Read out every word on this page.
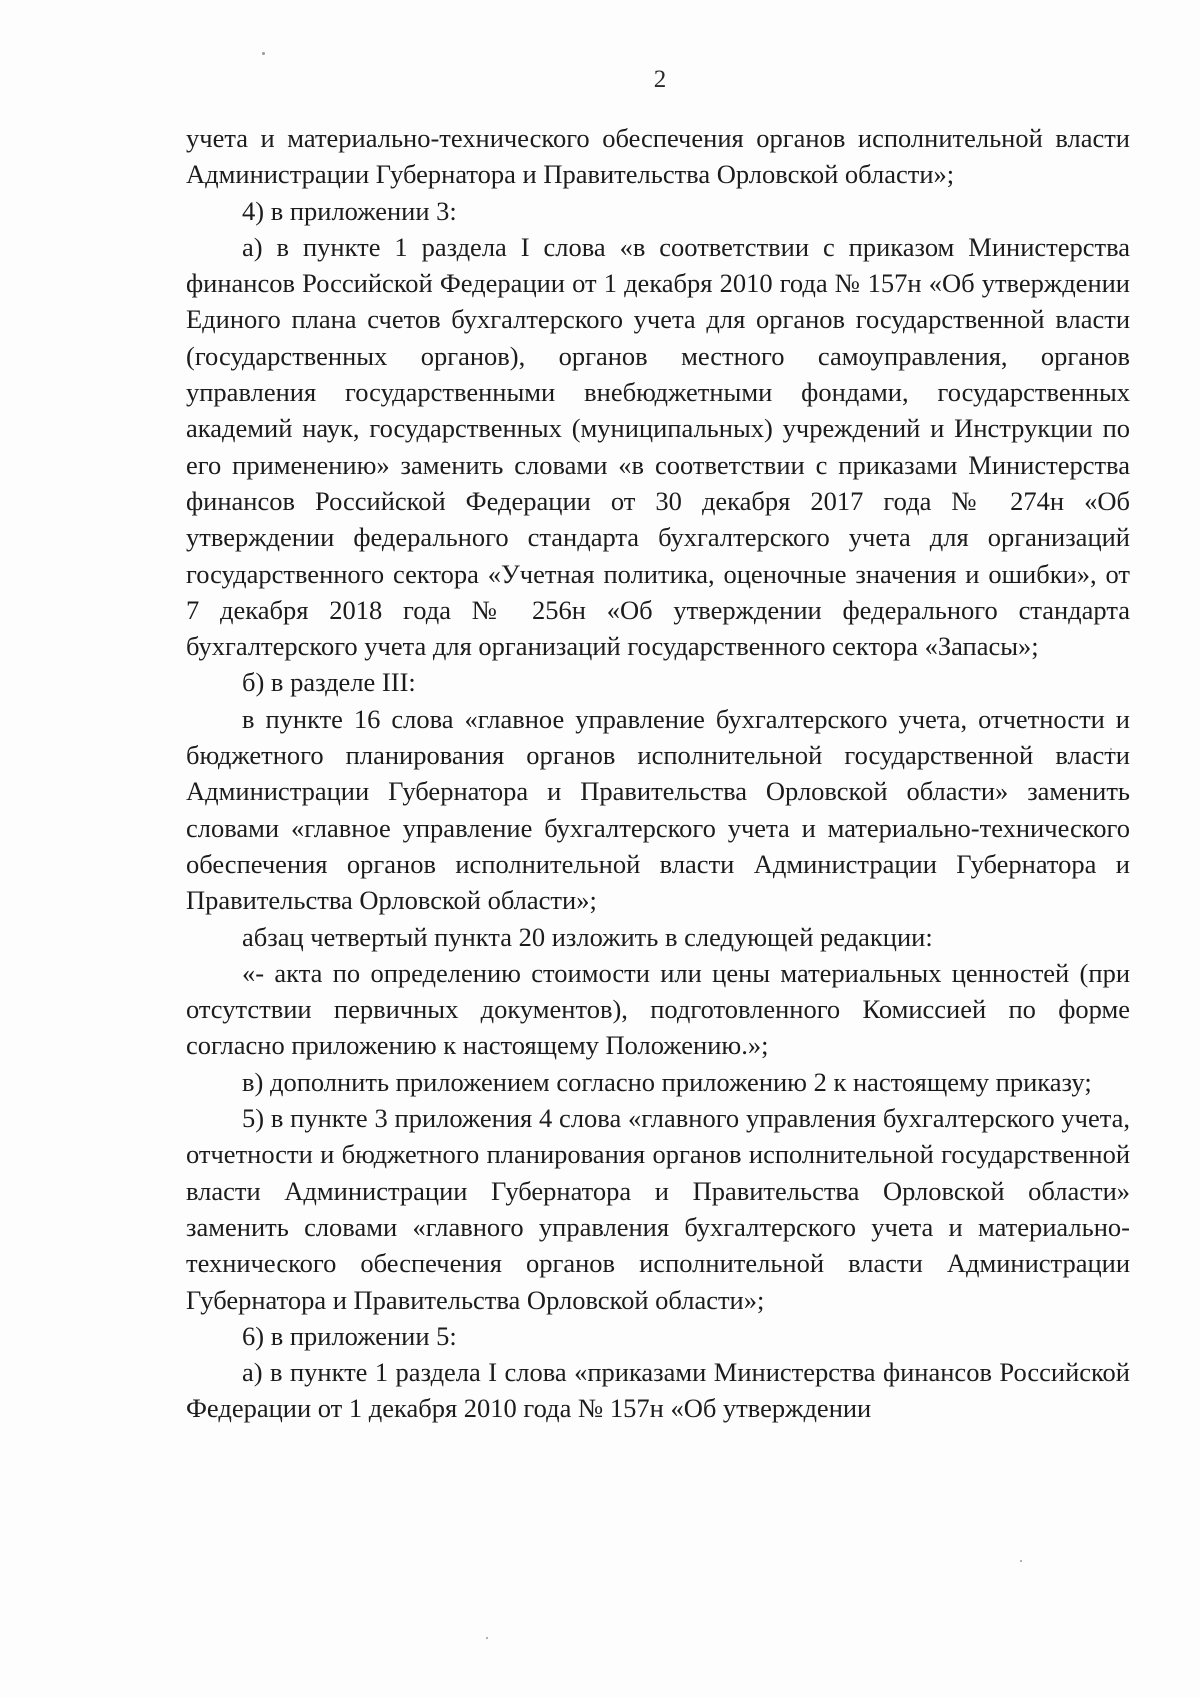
2

учета и материально-технического обеспечения органов исполнительной власти Администрации Губернатора и Правительства Орловской области»;

4) в приложении 3:

а) в пункте 1 раздела I слова «в соответствии с приказом Министерства финансов Российской Федерации от 1 декабря 2010 года № 157н «Об утверждении Единого плана счетов бухгалтерского учета для органов государственной власти (государственных органов), органов местного самоуправления, органов управления государственными внебюджетными фондами, государственных академий наук, государственных (муниципальных) учреждений и Инструкции по его применению» заменить словами «в соответствии с приказами Министерства финансов Российской Федерации от 30 декабря 2017 года № 274н «Об утверждении федерального стандарта бухгалтерского учета для организаций государственного сектора «Учетная политика, оценочные значения и ошибки», от 7 декабря 2018 года № 256н «Об утверждении федерального стандарта бухгалтерского учета для организаций государственного сектора «Запасы»;

б) в разделе III:

в пункте 16 слова «главное управление бухгалтерского учета, отчетности и бюджетного планирования органов исполнительной государственной власти Администрации Губернатора и Правительства Орловской области» заменить словами «главное управление бухгалтерского учета и материально-технического обеспечения органов исполнительной власти Администрации Губернатора и Правительства Орловской области»;

абзац четвертый пункта 20 изложить в следующей редакции:

«- акта по определению стоимости или цены материальных ценностей (при отсутствии первичных документов), подготовленного Комиссией по форме согласно приложению к настоящему Положению.»;

в) дополнить приложением согласно приложению 2 к настоящему приказу;

5) в пункте 3 приложения 4 слова «главного управления бухгалтерского учета, отчетности и бюджетного планирования органов исполнительной государственной власти Администрации Губернатора и Правительства Орловской области» заменить словами «главного управления бухгалтерского учета и материально-технического обеспечения органов исполнительной власти Администрации Губернатора и Правительства Орловской области»;

6) в приложении 5:

а) в пункте 1 раздела I слова «приказами Министерства финансов Российской Федерации от 1 декабря 2010 года № 157н «Об утверждении
